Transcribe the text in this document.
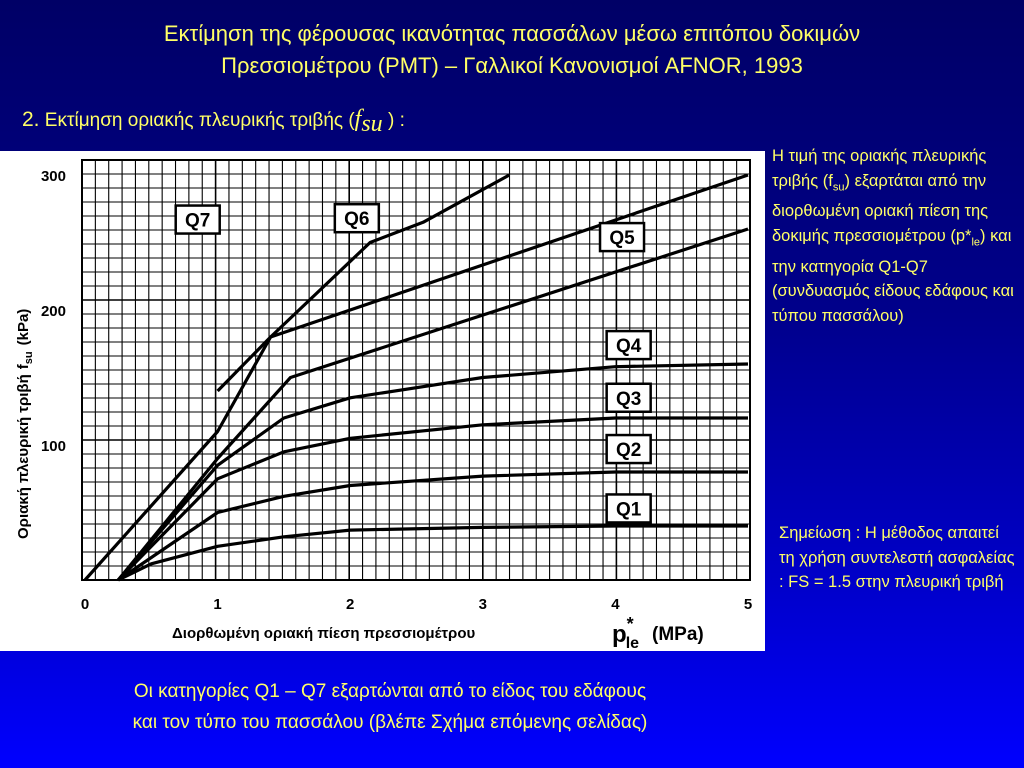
Εκτίμηση της φέρουσας ικανότητας πασσάλων μέσω επιτόπου δοκιμών
Πρεσσιομέτρου (PMT) – Γαλλικοί Κανονισμοί AFNOR, 1993
2. Εκτίμηση οριακής πλευρικής τριβής ($f_{su}$ ) :
0	1	2	3	4	5
100
200
300
Q1
Q2
Q3
Q4
Q5
Q6
Q7
Διορθωμένη οριακή πίεση πρεσσιομέτρου	p* le (MPa)
Οριακή πλευρική τριβήf$_{su}$(kPa)
Η τιμή της οριακής πλευρικής τριβής $(f_{su})$ εξαρτάται από την διορθωμένη οριακή πίεση της δοκιμής πρεσσιομέτρου $(p*_{le})$ και την κατηγορία Q1-Q7 (συνδυασμός είδους εδάφους και τύπου πασσάλου)
Σημείωση : Η μέθοδος απαιτεί τη χρήση συντελεστή ασφαλείας : FS = 1.5 στην πλευρική τριβή
Οι κατηγορίες Q1 – Q7 εξαρτώνται από το είδος του εδάφους
και τον τύπο του πασσάλου (βλέπε Σχήμα επόμενης σελίδας)
